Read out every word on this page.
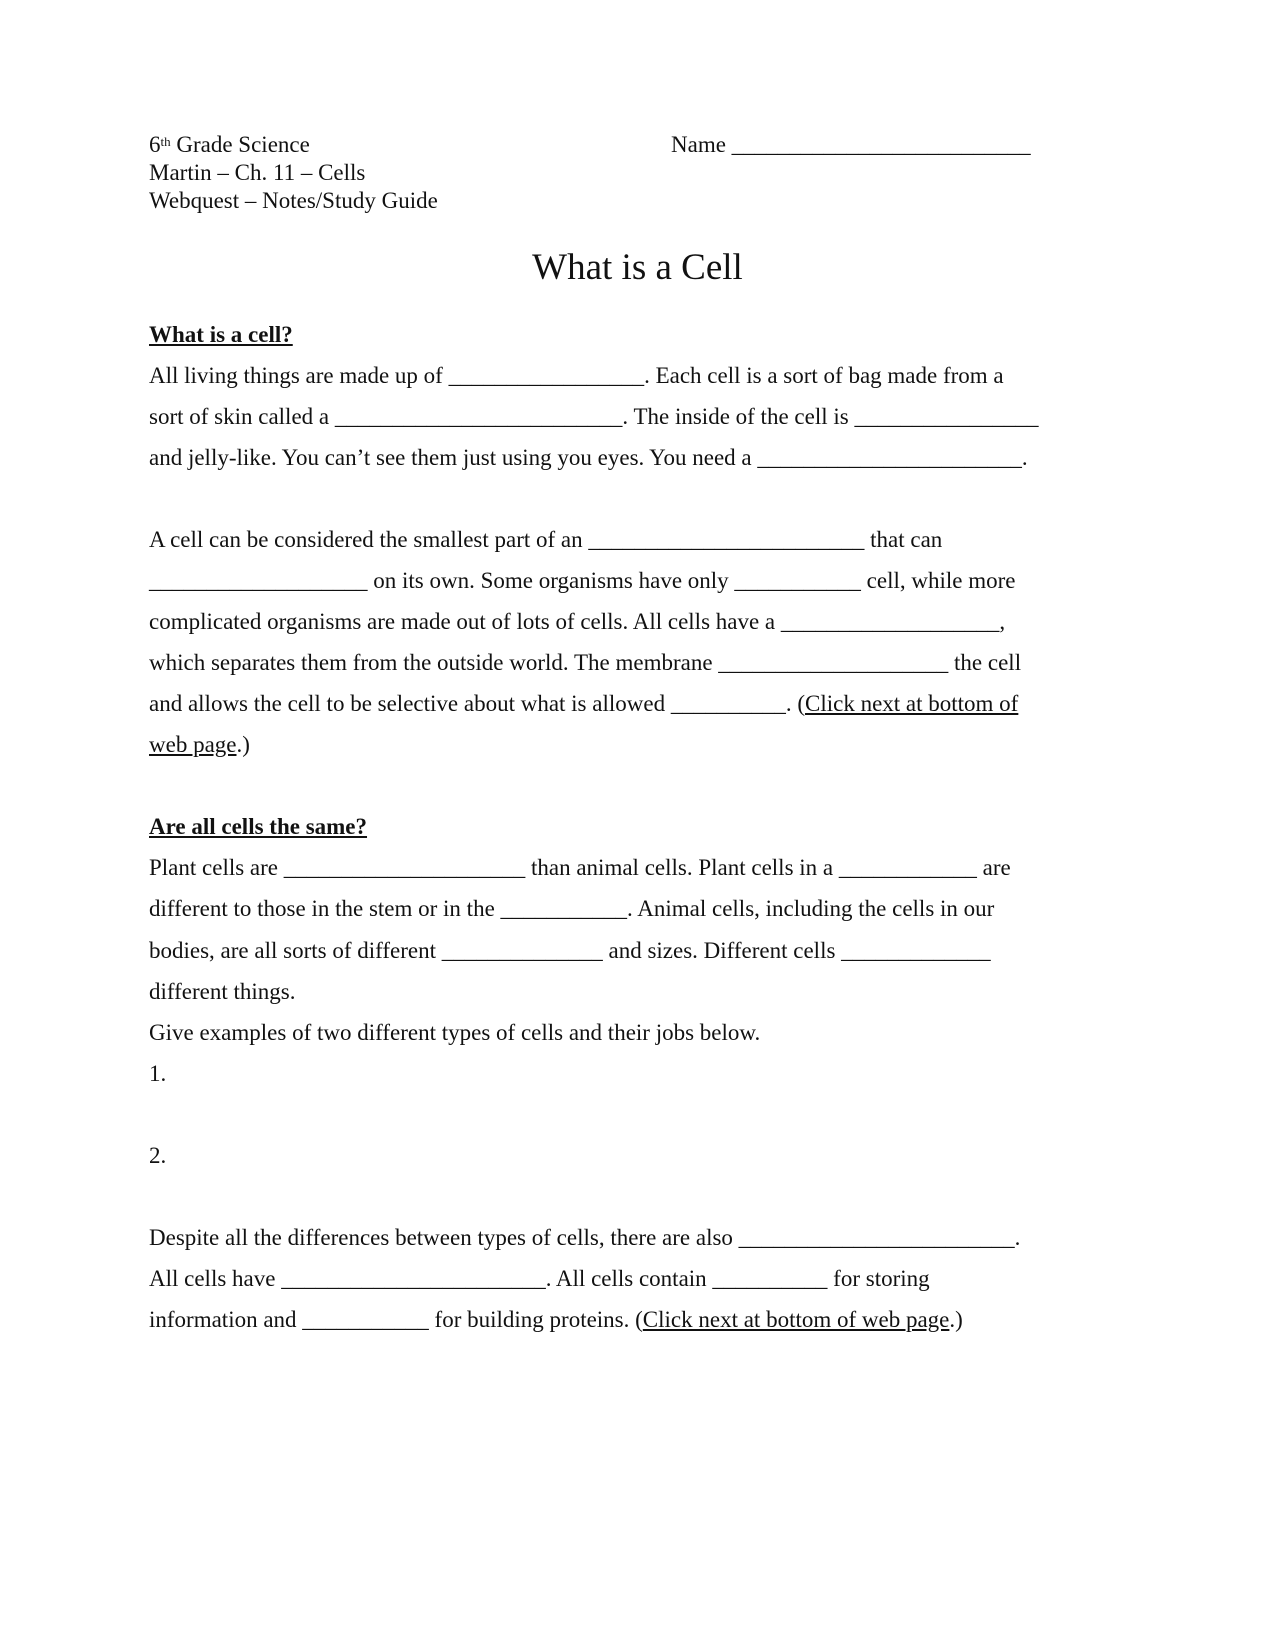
6th Grade Science
Martin – Ch. 11 – Cells
Webquest – Notes/Study Guide
Name __________________________
What is a Cell
What is a cell?
All living things are made up of _________________. Each cell is a sort of bag made from a
sort of skin called a _________________________. The inside of the cell is ________________
and jelly-like. You can’t see them just using you eyes. You need a _______________________.
A cell can be considered the smallest part of an ________________________ that can
___________________ on its own. Some organisms have only ___________ cell, while more
complicated organisms are made out of lots of cells. All cells have a ___________________,
which separates them from the outside world. The membrane ____________________ the cell
and allows the cell to be selective about what is allowed __________. (Click next at bottom of
web page.)
Are all cells the same?
Plant cells are _____________________ than animal cells. Plant cells in a ____________ are
different to those in the stem or in the ___________. Animal cells, including the cells in our
bodies, are all sorts of different ______________ and sizes. Different cells _____________
different things.
Give examples of two different types of cells and their jobs below.
1.
2.
Despite all the differences between types of cells, there are also ________________________.
All cells have _______________________. All cells contain __________ for storing
information and ___________ for building proteins. (Click next at bottom of web page.)
